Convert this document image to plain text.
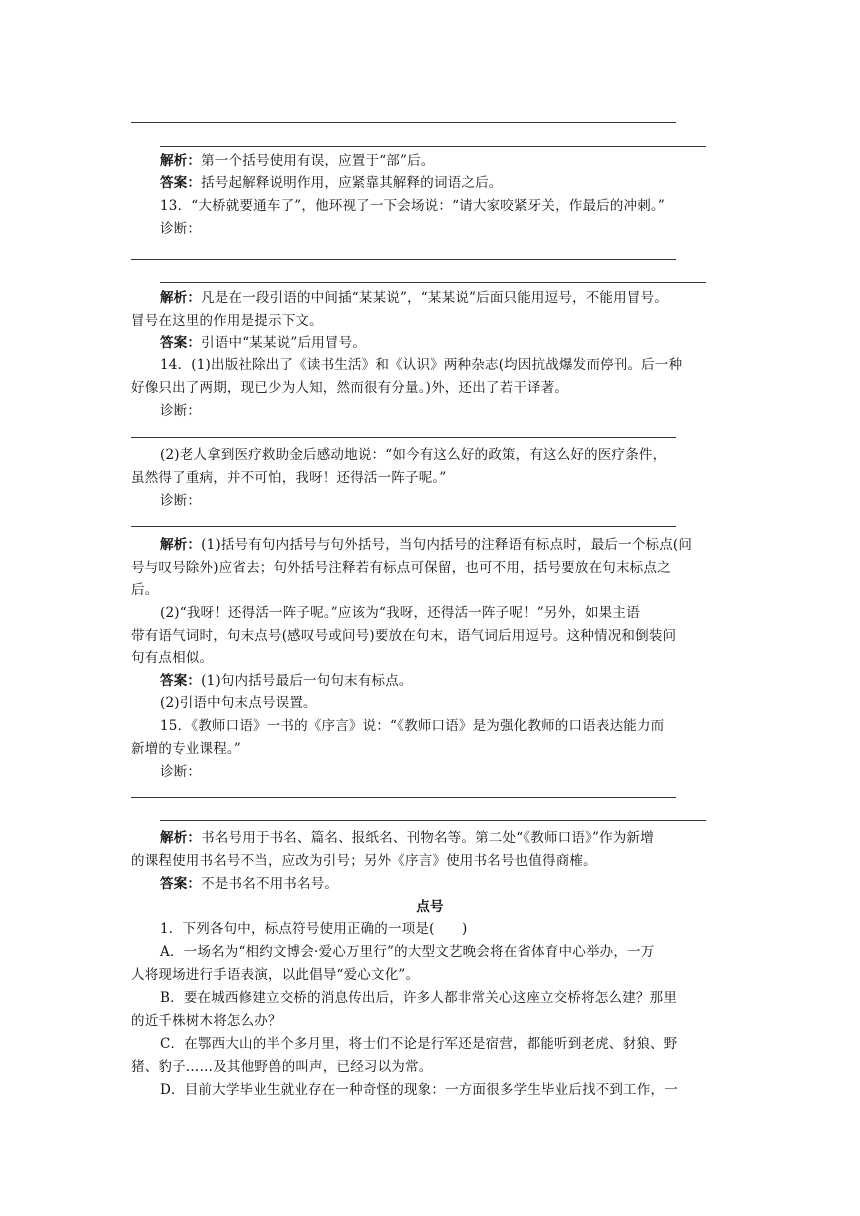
解析：第一个括号使用有误，应置于“部”后。
答案：括号起解释说明作用，应紧靠其解释的词语之后。
13．“大桥就要通车了”，他环视了一下会场说：“请大家咬紧牙关，作最后的冲刺。”
诊断：
解析：凡是在一段引语的中间插“某某说”，“某某说”后面只能用逗号，不能用冒号。
冒号在这里的作用是提示下文。
答案：引语中“某某说”后用冒号。
14．(1)出版社除出了《读书生活》和《认识》两种杂志(均因抗战爆发而停刊。后一种
好像只出了两期，现已少为人知，然而很有分量。)外，还出了若干译著。
诊断：
(2)老人拿到医疗救助金后感动地说：“如今有这么好的政策，有这么好的医疗条件，
虽然得了重病，并不可怕，我呀！还得活一阵子呢。”
诊断：
解析：(1)括号有句内括号与句外括号，当句内括号的注释语有标点时，最后一个标点(问
号与叹号除外)应省去；句外括号注释若有标点可保留，也可不用，括号要放在句末标点之
后。
(2)“我呀！还得活一阵子呢。”应该为“我呀，还得活一阵子呢！”另外，如果主语
带有语气词时，句末点号(感叹号或问号)要放在句末，语气词后用逗号。这种情况和倒装问
句有点相似。
答案：(1)句内括号最后一句句末有标点。
(2)引语中句末点号误置。
15．《教师口语》一书的《序言》说：“《教师口语》是为强化教师的口语表达能力而
新增的专业课程。”
诊断：
解析：书名号用于书名、篇名、报纸名、刊物名等。第二处“《教师口语》”作为新增
的课程使用书名号不当，应改为引号；另外《序言》使用书名号也值得商榷。
答案：不是书名不用书名号。
点号
1．下列各句中，标点符号使用正确的一项是(　　)
A．一场名为“相约文博会·爱心万里行”的大型文艺晚会将在省体育中心举办，一万
人将现场进行手语表演，以此倡导“爱心文化”。
B．要在城西修建立交桥的消息传出后，许多人都非常关心这座立交桥将怎么建？那里
的近千株树木将怎么办？
C．在鄂西大山的半个多月里，将士们不论是行军还是宿营，都能听到老虎、豺狼、野
猪、豹子……及其他野兽的叫声，已经习以为常。
D．目前大学毕业生就业存在一种奇怪的现象：一方面很多学生毕业后找不到工作，一
